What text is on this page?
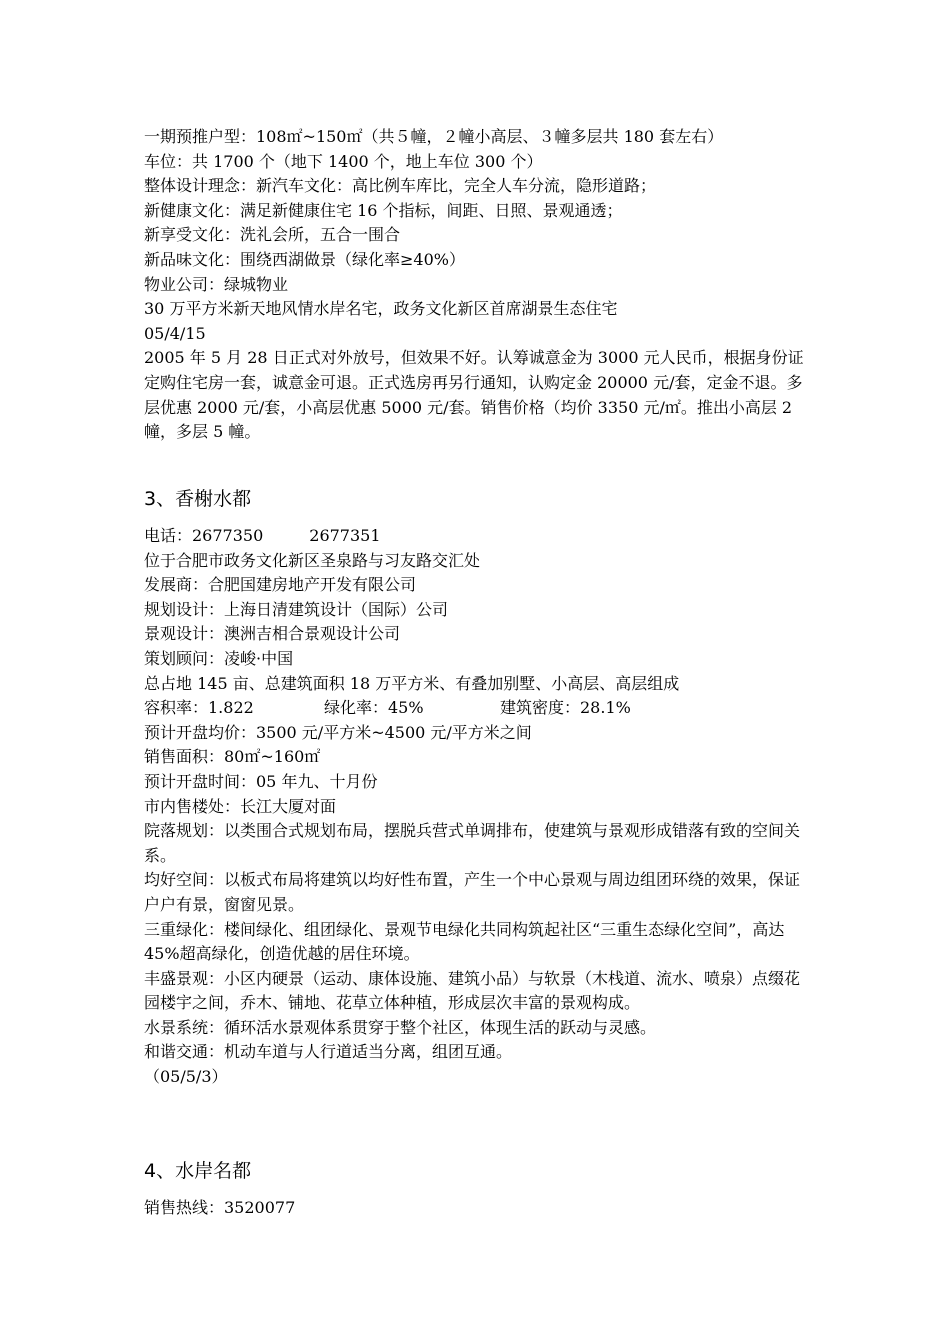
一期预推户型：108㎡~150㎡（共５幢，２幢小高层、３幢多层共 180 套左右）

车位：共 1700 个（地下 1400 个，地上车位 300 个）

整体设计理念：新汽车文化：高比例车库比，完全人车分流，隐形道路；

新健康文化：满足新健康住宅 16 个指标，间距、日照、景观通透；

新享受文化：洗礼会所，五合一围合

新品味文化：围绕西湖做景（绿化率≥40%）

物业公司：绿城物业

30 万平方米新天地风情水岸名宅，政务文化新区首席湖景生态住宅

05/4/15

2005 年 5 月 28 日正式对外放号，但效果不好。认筹诚意金为 3000 元人民币，根据身份证定购住宅房一套，诚意金可退。正式选房再另行通知，认购定金 20000 元/套，定金不退。多层优惠 2000 元/套，小高层优惠 5000 元/套。销售价格（均价 3350 元/㎡。推出小高层 2 幢，多层 5 幢。

3、香榭水都
电话：2677350	2677351

位于合肥市政务文化新区圣泉路与习友路交汇处

发展商：合肥国建房地产开发有限公司

规划设计：上海日清建筑设计（国际）公司

景观设计：澳洲吉相合景观设计公司

策划顾问：凌峻·中国

总占地 145 亩、总建筑面积 18 万平方米、有叠加别墅、小高层、高层组成

容积率：1.822	绿化率：45%	建筑密度：28.1%

预计开盘均价：3500 元/平方米~4500 元/平方米之间

销售面积：80㎡~160㎡

预计开盘时间：05 年九、十月份

市内售楼处：长江大厦对面

院落规划：以类围合式规划布局，摆脱兵营式单调排布，使建筑与景观形成错落有致的空间关系。

均好空间：以板式布局将建筑以均好性布置，产生一个中心景观与周边组团环绕的效果，保证户户有景，窗窗见景。

三重绿化：楼间绿化、组团绿化、景观节电绿化共同构筑起社区“三重生态绿化空间”，高达 45%超高绿化，创造优越的居住环境。

丰盛景观：小区内硬景（运动、康体设施、建筑小品）与软景（木栈道、流水、喷泉）点缀花园楼宇之间，乔木、铺地、花草立体种植，形成层次丰富的景观构成。

水景系统：循环活水景观体系贯穿于整个社区，体现生活的跃动与灵感。

和谐交通：机动车道与人行道适当分离，组团互通。

（05/5/3）

4、水岸名都

销售热线：3520077
